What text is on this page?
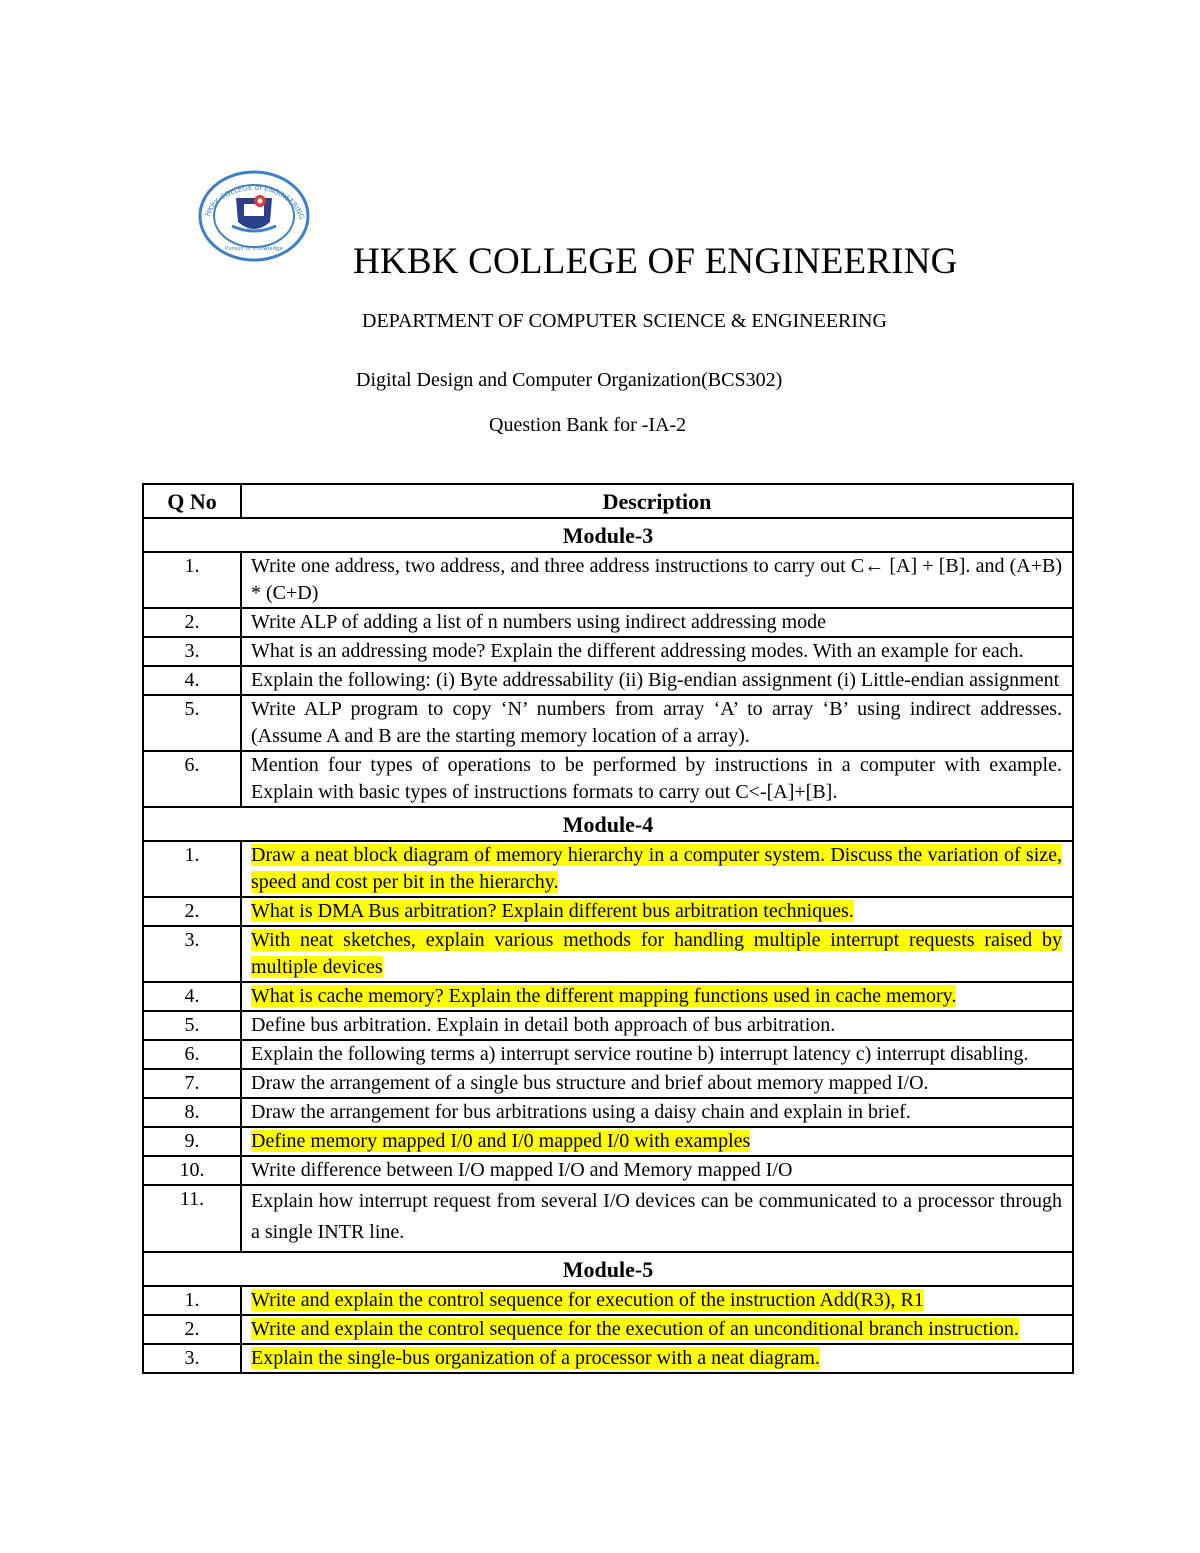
Pursuit of Knowledge
HKBK COLLEGE of ENGINEERING
HKBK COLLEGE OF ENGINEERING
DEPARTMENT OF COMPUTER SCIENCE & ENGINEERING
Digital Design and Computer Organization(BCS302)
Question Bank for -IA-2
Q No	Description
Module-3	
1.	Write one address, two address, and three address instructions to carry out C← [A] + [B]. and (A+B) * (C+D)
2.	Write ALP of adding a list of n numbers using indirect addressing mode
3.	What is an addressing mode? Explain the different addressing modes. With an example for each.
4.	Explain the following: (i) Byte addressability (ii) Big-endian assignment (i) Little-endian assignment
5.	Write ALP program to copy ‘N’ numbers from array ‘A’ to array ‘B’ using indirect addresses.(Assume A and B are the starting memory location of a array).
6.	Mention four types of operations to be performed by instructions in a computer with example. Explain with basic types of instructions formats to carry out C<-[A]+[B].
Module-4	
1.	Draw a neat block diagram of memory hierarchy in a computer system. Discuss the variation of size, speed and cost per bit in the hierarchy.
2.	What is DMA Bus arbitration? Explain different bus arbitration techniques.
3.	With neat sketches, explain various methods for handling multiple interrupt requests raised by multiple devices
4.	What is cache memory? Explain the different mapping functions used in cache memory.
5.	Define bus arbitration. Explain in detail both approach of bus arbitration.
6.	Explain the following terms a) interrupt service routine b) interrupt latency c) interrupt disabling.
7.	Draw the arrangement of a single bus structure and brief about memory mapped I/O.
8.	Draw the arrangement for bus arbitrations using a daisy chain and explain in brief.
9.	Define memory mapped I/0 and I/0 mapped I/0 with examples
10.	Write difference between I/O mapped I/O and Memory mapped I/O
11.	Explain how interrupt request from several I/O devices can be communicated to a processor through a single INTR line.
Module-5	
1.	Write and explain the control sequence for execution of the instruction Add(R3), R1
2.	Write and explain the control sequence for the execution of an unconditional branch instruction.
3.	Explain the single-bus organization of a processor with a neat diagram.
